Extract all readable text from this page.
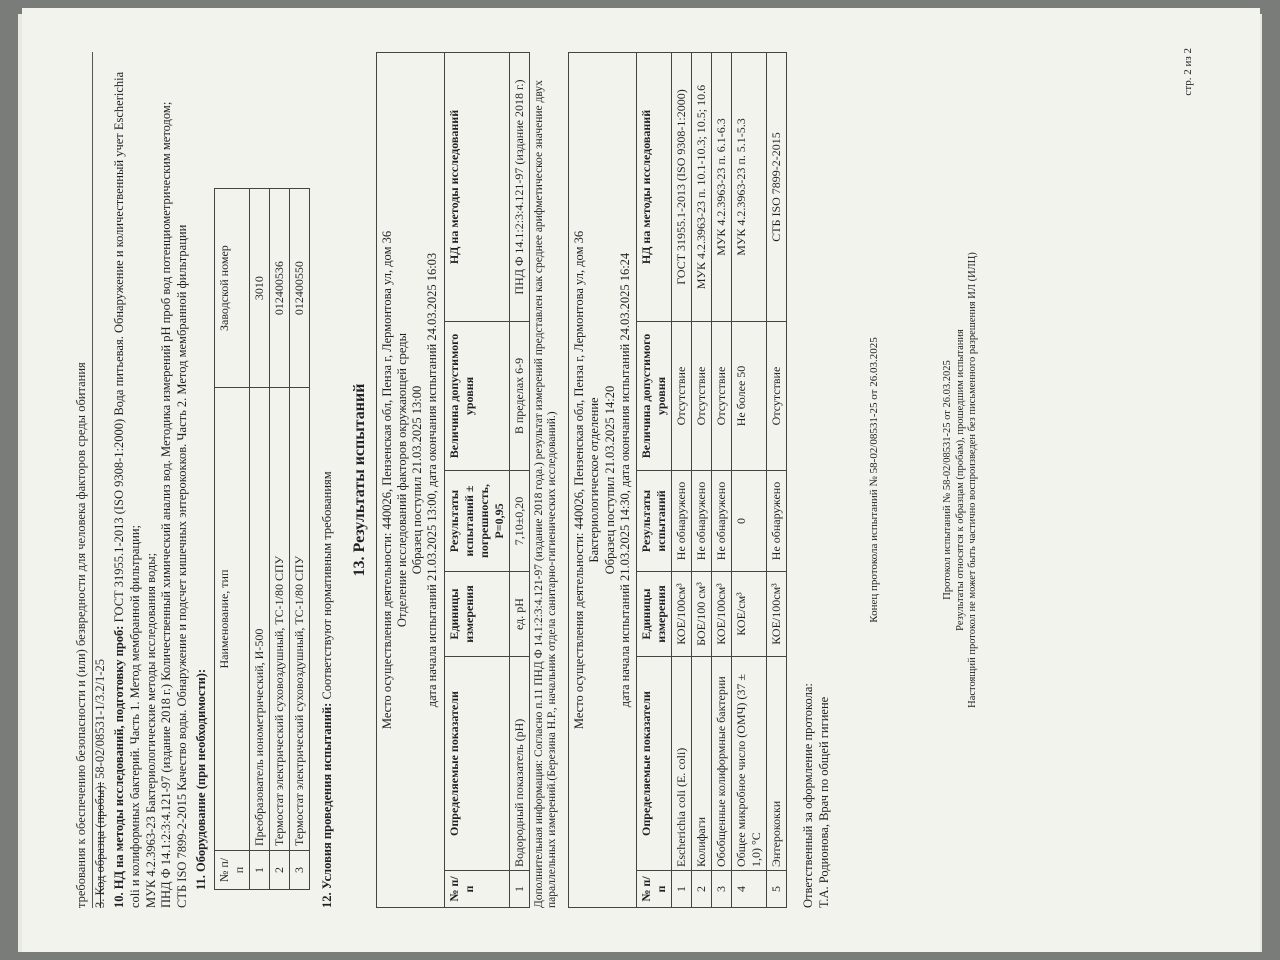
требования к обеспечению безопасности и (или) безвредности для человека факторов среды обитания 3. Код образца (пробы): 58-02/08531-1/3.2/1-25 10. НД на методы исследований, подготовку проб: ГОСТ 31955.1-2013 (ISO 9308-1:2000) Вода питьевая. Обнаружение и количественный учет Escherichia coli и колиформных бактерий. Часть 1. Метод мембранной фильтрации; МУК 4.2.3963-23 Бактериологические методы исследования воды; ПНД Ф 14.1:2:3:4.121-97 (издание 2018 г.) Количественный химический анализ вод. Методика измерений pH проб вод потенциометрическим методом; СТБ ISO 7899-2-2015 Качество воды. Обнаружение и подсчет кишечных энтерококков. Часть 2. Метод мембранной фильтрации 11. Оборудование (при необходимости): № п/п	Наименование, тип	Заводской номер
1	Преобразователь ионометрический, И-500	3010
2	Термостат электрический суховоздушный, ТС-1/80 СПУ	012400536
3	Термостат электрический суховоздушный, ТС-1/80 СПУ	012400550

12. Условия проведения испытаний: Соответствуют нормативным требованиям 13. Результаты испытаний Место осуществления деятельности: 440026, Пензенская обл, Пенза г, Лермонтова ул, дом 36 Отделение исследований факторов окружающей среды Образец поступил 21.03.2025 13:00 дата начала испытаний 21.03.2025 13:00, дата окончания испытаний 24.03.2025 16:03

№ п/п	Определяемые показатели	Единицы измерения	Результаты испытаний ± погрешность, P=0,95	Величина допустимого уровня	НД на методы исследований
1	Водородный показатель (pH)	ед. pH	7,10±0,20	В пределах 6-9	ПНД Ф 14.1:2:3:4.121-97 (издание 2018 г.) Дополнительная информация: Согласно п.11 ПНД Ф 14.1:2:3:4.121-97 (издание 2018 года.) результат измерений представлен как среднее арифметическое значение двух параллельных измерений.(Березина Н.Р., начальник отдела санитарно-гигиенических исследований.) Место осуществления деятельности: 440026, Пензенская обл, Пенза г, Лермонтова ул, дом 36 Бактериологическое отделение Образец поступил 21.03.2025 14:20 дата начала испытаний 21.03.2025 14:30, дата окончания испытаний 24.03.2025 16:24

№ п/п	Определяемые показатели	Единицы измерения	Результаты испытаний	Величина допустимого уровня	НД на методы исследований
1	Escherichia coli (E. coli)	КОЕ/100см³	Не обнаружено	Отсутствие	ГОСТ 31955.1-2013 (ISO 9308-1:2000)
2	Колифаги	БОЕ/100 см³	Не обнаружено	Отсутствие	МУК 4.2.3963-23 п. 10.1-10.3; 10.5; 10.6
3	Обобщенные колиформные бактерии	КОЕ/100см³	Не обнаружено	Отсутствие	МУК 4.2.3963-23 п. 6.1-6.3
4	Общее микробное число (ОМЧ) (37 ± 1,0) °С	КОЕ/см³	0	Не более 50	МУК 4.2.3963-23 п. 5.1-5.3
5	Энтерококки	КОЕ/100см³	Не обнаружено	Отсутствие	СТБ ISO 7899-2-2015

Ответственный за оформление протокола: Т.А. Родионова, Врач по общей гигиене

Конец протокола испытаний № 58-02/08531-25 от 26.03.2025	Протокол испытаний № 58-02/08531-25 от 26.03.2025 Результаты относятся к образцам (пробам), прошедшим испытания Настоящий протокол не может быть частично воспроизведен без письменного разрешения ИЛ (ИЛЦ)

стр. 2 из 2
